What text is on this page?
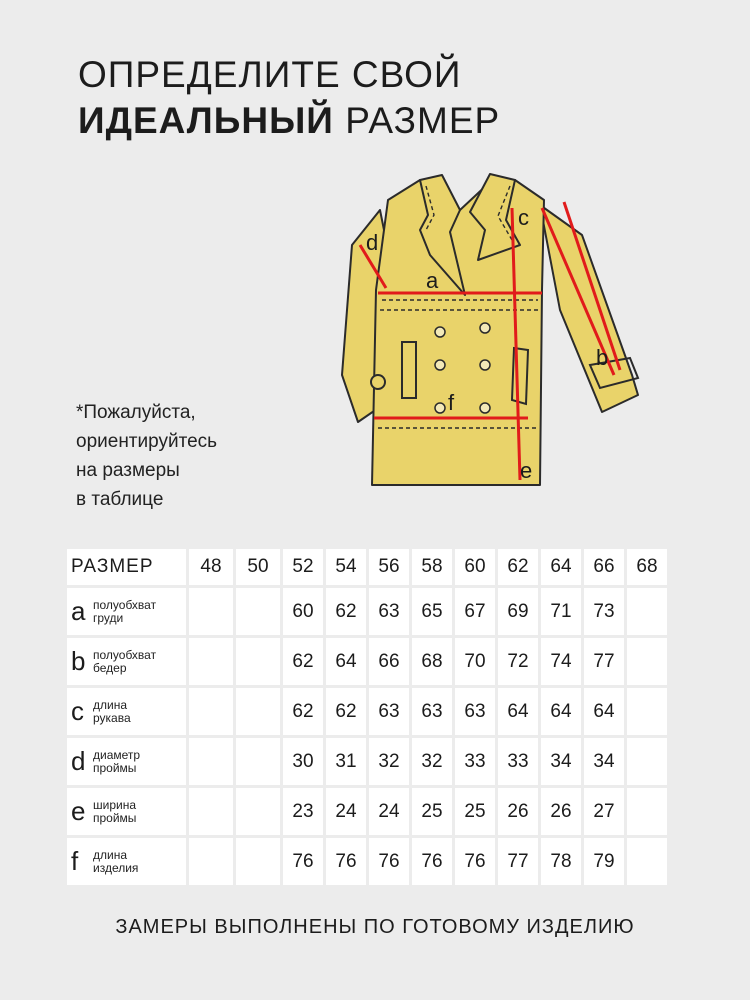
ОПРЕДЕЛИТЕ СВОЙ
ИДЕАЛЬНЫЙ РАЗМЕР
*Пожалуйста,
ориентируйтесь
на размеры
в таблице
a
b
c
d
e
f
РАЗМЕР	48	50	52	54	56	58	60	62	64	66	68
a полуобхват
груди			60	62	63	65	67	69	71	73	
b полуобхват
бедер			62	64	66	68	70	72	74	77	
c длина
рукава			62	62	63	63	63	64	64	64	
d диаметр
проймы			30	31	32	32	33	33	34	34	
e ширина
проймы			23	24	24	25	25	26	26	27	
f длина
изделия			76	76	76	76	76	77	78	79	
ЗАМЕРЫ ВЫПОЛНЕНЫ ПО ГОТОВОМУ ИЗДЕЛИЮ
